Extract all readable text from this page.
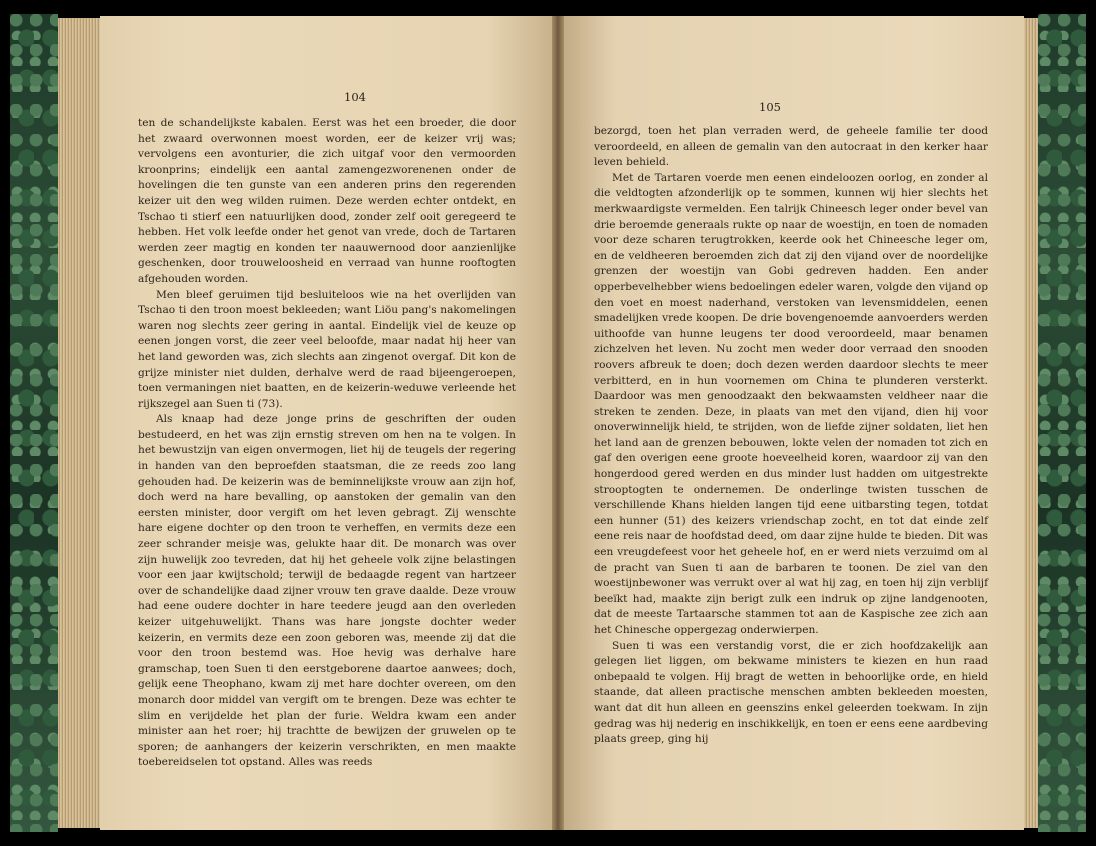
104

ten de schandelijkste kabalen. Eerst was het een broeder, die door het zwaard overwonnen moest worden, eer de keizer vrij was; vervolgens een avonturier, die zich uitgaf voor den vermoorden kroonprins; eindelijk een aantal zamengezworenenen onder de hovelingen die ten gunste van een anderen prins den regerenden keizer uit den weg wilden ruimen. Deze werden echter ontdekt, en Tschao ti stierf een natuurlijken dood, zonder zelf ooit geregeerd te hebben. Het volk leefde onder het genot van vrede, doch de Tartaren werden zeer magtig en konden ter naauwernood door aanzienlijke geschenken, door trouweloosheid en verraad van hunne rooftogten afgehouden worden.

Men bleef geruimen tijd besluiteloos wie na het overlijden van Tschao ti den troon moest bekleeden; want Liöu pang's nakomelingen waren nog slechts zeer gering in aantal. Eindelijk viel de keuze op eenen jongen vorst, die zeer veel beloofde, maar nadat hij heer van het land geworden was, zich slechts aan zingenot overgaf. Dit kon de grijze minister niet dulden, derhalve werd de raad bijeengeroepen, toen vermaningen niet baatten, en de keizerin-weduwe verleende het rijkszegel aan Suen ti (73).

Als knaap had deze jonge prins de geschriften der ouden bestudeerd, en het was zijn ernstig streven om hen na te volgen. In het bewustzijn van eigen onvermogen, liet hij de teugels der regering in handen van den beproefden staatsman, die ze reeds zoo lang gehouden had. De keizerin was de beminnelijkste vrouw aan zijn hof, doch werd na hare bevalling, op aanstoken der gemalin van den eersten minister, door vergift om het leven gebragt. Zij wenschte hare eigene dochter op den troon te verheffen, en vermits deze een zeer schrander meisje was, gelukte haar dit. De monarch was over zijn huwelijk zoo tevreden, dat hij het geheele volk zijne belastingen voor een jaar kwijtschold; terwijl de bedaagde regent van hartzeer over de schandelijke daad zijner vrouw ten grave daalde. Deze vrouw had eene oudere dochter in hare teedere jeugd aan den overleden keizer uitgehuwelijkt. Thans was hare jongste dochter weder keizerin, en vermits deze een zoon geboren was, meende zij dat die voor den troon bestemd was. Hoe hevig was derhalve hare gramschap, toen Suen ti den eerstgeborene daartoe aanwees; doch, gelijk eene Theophano, kwam zij met hare dochter overeen, om den monarch door middel van vergift om te brengen. Deze was echter te slim en verijdelde het plan der furie. Weldra kwam een ander minister aan het roer; hij trachtte de bewijzen der gruwelen op te sporen; de aanhangers der keizerin verschrikten, en men maakte toebereidselen tot opstand. Alles was reeds

105

bezorgd, toen het plan verraden werd, de geheele familie ter dood veroordeeld, en alleen de gemalin van den autocraat in den kerker haar leven behield.

Met de Tartaren voerde men eenen eindeloozen oorlog, en zonder al die veldtogten afzonderlijk op te sommen, kunnen wij hier slechts het merkwaardigste vermelden. Een talrijk Chineesch leger onder bevel van drie beroemde generaals rukte op naar de woestijn, en toen de nomaden voor deze scharen terugtrokken, keerde ook het Chineesche leger om, en de veldheeren beroemden zich dat zij den vijand over de noordelijke grenzen der woestijn van Gobi gedreven hadden. Een ander opperbevelhebber wiens bedoelingen edeler waren, volgde den vijand op den voet en moest naderhand, verstoken van levensmiddelen, eenen smadelijken vrede koopen. De drie bovengenoemde aanvoerders werden uithoofde van hunne leugens ter dood veroordeeld, maar benamen zichzelven het leven. Nu zocht men weder door verraad den snooden roovers afbreuk te doen; doch dezen werden daardoor slechts te meer verbitterd, en in hun voornemen om China te plunderen versterkt. Daardoor was men genoodzaakt den bekwaamsten veldheer naar die streken te zenden. Deze, in plaats van met den vijand, dien hij voor onoverwinnelijk hield, te strijden, won de liefde zijner soldaten, liet hen het land aan de grenzen bebouwen, lokte velen der nomaden tot zich en gaf den overigen eene groote hoeveelheid koren, waardoor zij van den hongerdood gered werden en dus minder lust hadden om uitgestrekte strooptogten te ondernemen. De onderlinge twisten tusschen de verschillende Khans hielden langen tijd eene uitbarsting tegen, totdat een hunner (51) des keizers vriendschap zocht, en tot dat einde zelf eene reis naar de hoofdstad deed, om daar zijne hulde te bieden. Dit was een vreugdefeest voor het geheele hof, en er werd niets verzuimd om al de pracht van Suen ti aan de barbaren te toonen. De ziel van den woestijnbewoner was verrukt over al wat hij zag, en toen hij zijn verblijf beeïkt had, maakte zijn berigt zulk een indruk op zijne landgenooten, dat de meeste Tartaarsche stammen tot aan de Kaspische zee zich aan het Chinesche oppergezag onderwierpen.

Suen ti was een verstandig vorst, die er zich hoofdzakelijk aan gelegen liet liggen, om bekwame ministers te kiezen en hun raad onbepaald te volgen. Hij bragt de wetten in behoorlijke orde, en hield staande, dat alleen practische menschen ambten bekleeden moesten, want dat dit hun alleen en geenszins enkel geleerden toekwam. In zijn gedrag was hij nederig en inschikkelijk, en toen er eens eene aardbeving plaats greep, ging hij
